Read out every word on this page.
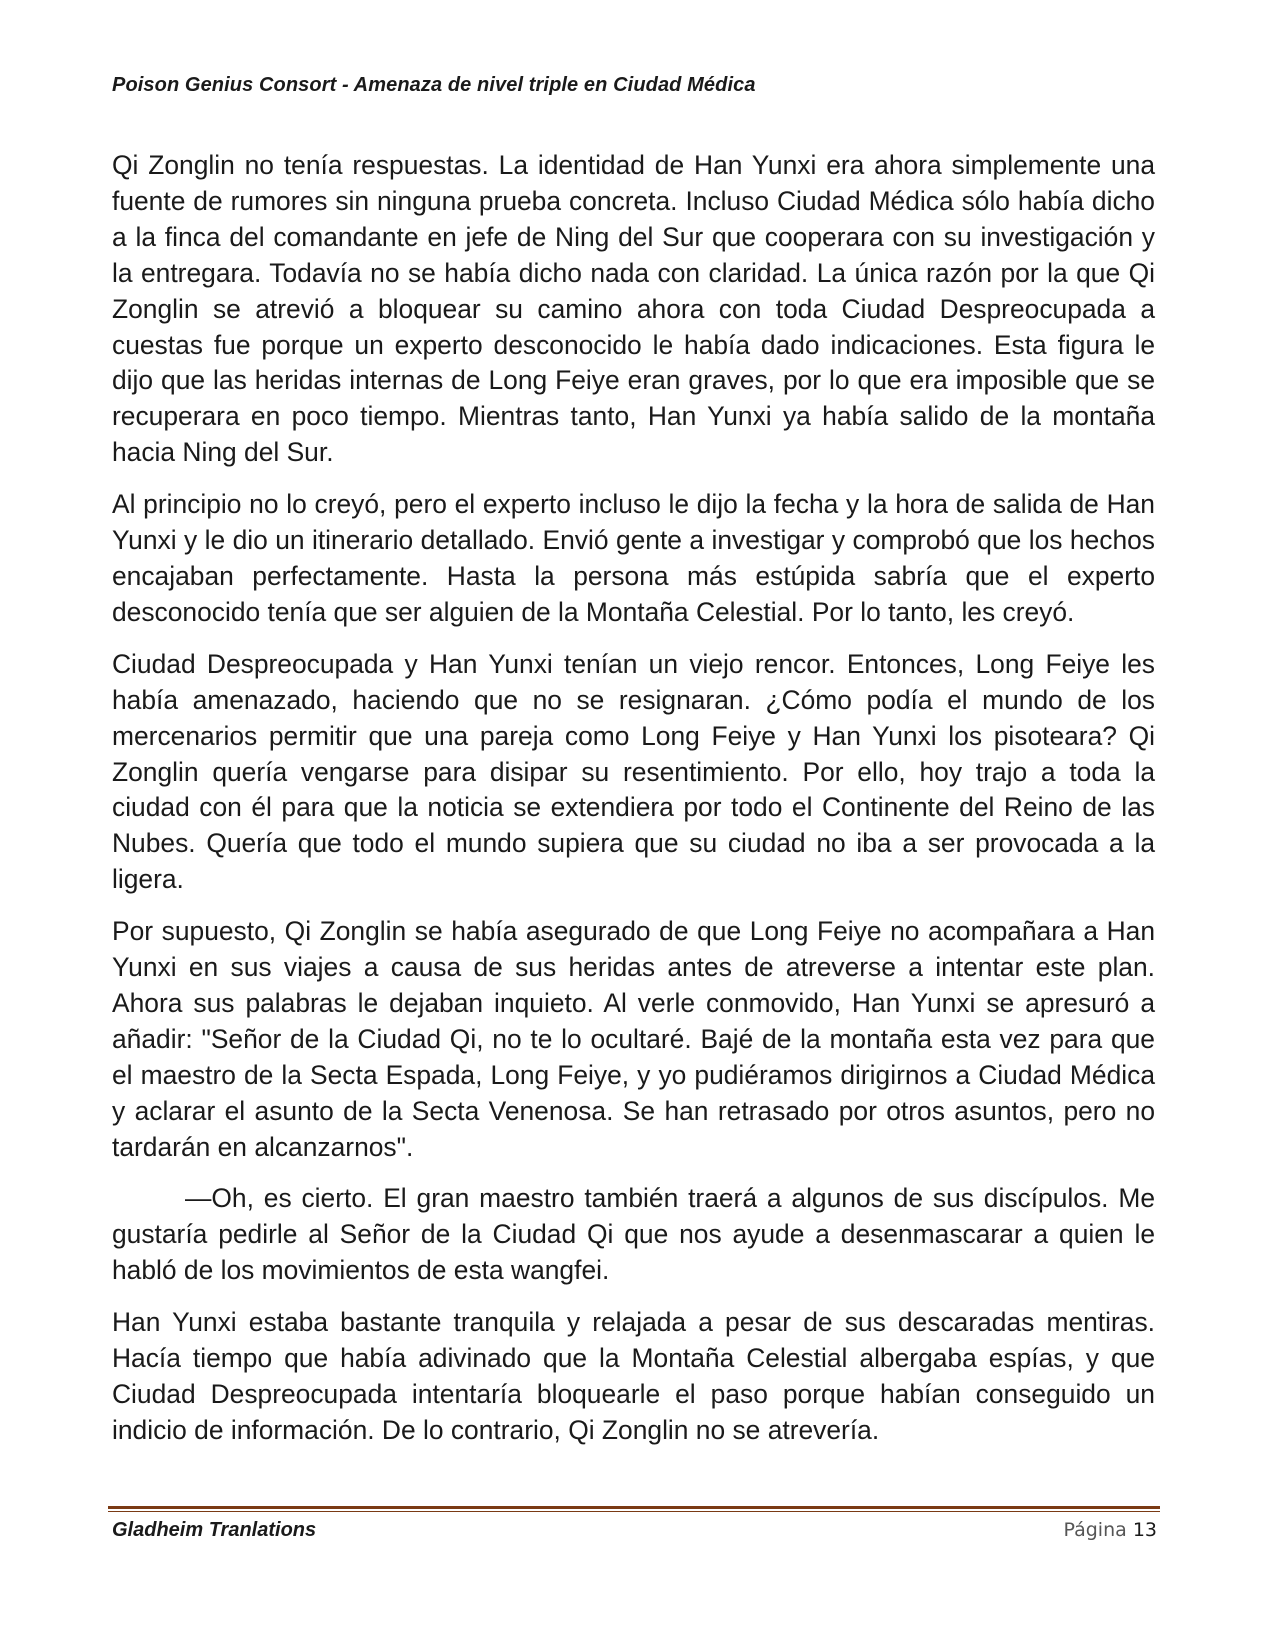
Poison Genius Consort - Amenaza de nivel triple en Ciudad Médica

Qi Zonglin no tenía respuestas. La identidad de Han Yunxi era ahora simplemente una fuente de rumores sin ninguna prueba concreta. Incluso Ciudad Médica sólo había dicho a la finca del comandante en jefe de Ning del Sur que cooperara con su investigación y la entregara. Todavía no se había dicho nada con claridad. La única razón por la que Qi Zonglin se atrevió a bloquear su camino ahora con toda Ciudad Despreocupada a cuestas fue porque un experto desconocido le había dado indicaciones. Esta figura le dijo que las heridas internas de Long Feiye eran graves, por lo que era imposible que se recuperara en poco tiempo. Mientras tanto, Han Yunxi ya había salido de la montaña hacia Ning del Sur.

Al principio no lo creyó, pero el experto incluso le dijo la fecha y la hora de salida de Han Yunxi y le dio un itinerario detallado. Envió gente a investigar y comprobó que los hechos encajaban perfectamente. Hasta la persona más estúpida sabría que el experto desconocido tenía que ser alguien de la Montaña Celestial. Por lo tanto, les creyó.

Ciudad Despreocupada y Han Yunxi tenían un viejo rencor. Entonces, Long Feiye les había amenazado, haciendo que no se resignaran. ¿Cómo podía el mundo de los mercenarios permitir que una pareja como Long Feiye y Han Yunxi los pisoteara? Qi Zonglin quería vengarse para disipar su resentimiento. Por ello, hoy trajo a toda la ciudad con él para que la noticia se extendiera por todo el Continente del Reino de las Nubes. Quería que todo el mundo supiera que su ciudad no iba a ser provocada a la ligera.

Por supuesto, Qi Zonglin se había asegurado de que Long Feiye no acompañara a Han Yunxi en sus viajes a causa de sus heridas antes de atreverse a intentar este plan. Ahora sus palabras le dejaban inquieto. Al verle conmovido, Han Yunxi se apresuró a añadir: "Señor de la Ciudad Qi, no te lo ocultaré. Bajé de la montaña esta vez para que el maestro de la Secta Espada, Long Feiye, y yo pudiéramos dirigirnos a Ciudad Médica y aclarar el asunto de la Secta Venenosa. Se han retrasado por otros asuntos, pero no tardarán en alcanzarnos".

—Oh, es cierto. El gran maestro también traerá a algunos de sus discípulos. Me gustaría pedirle al Señor de la Ciudad Qi que nos ayude a desenmascarar a quien le habló de los movimientos de esta wangfei.

Han Yunxi estaba bastante tranquila y relajada a pesar de sus descaradas mentiras. Hacía tiempo que había adivinado que la Montaña Celestial albergaba espías, y que Ciudad Despreocupada intentaría bloquearle el paso porque habían conseguido un indicio de información. De lo contrario, Qi Zonglin no se atrevería.

Gladheim Tranlations	Página 13
